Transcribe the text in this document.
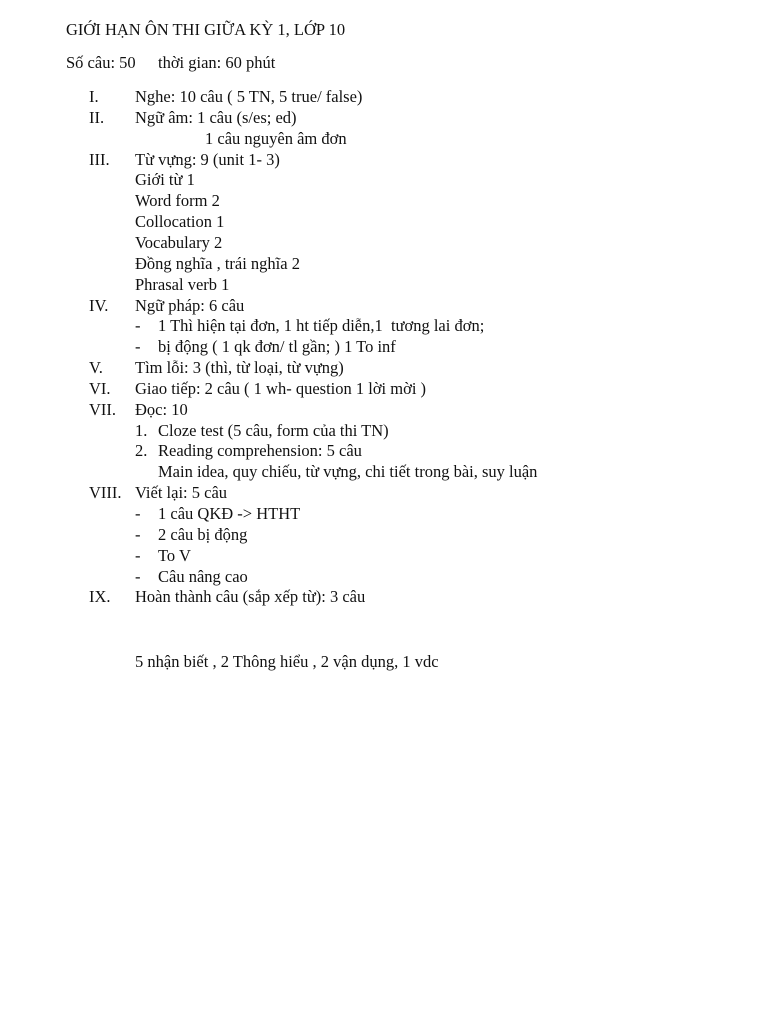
GIỚI HẠN ÔN THI GIỮA KỲ 1, LỚP 10
Số câu: 50 thời gian: 60 phút
I. Nghe: 10 câu ( 5 TN, 5 true/ false)
II. Ngữ âm: 1 câu (s/es; ed)
1 câu nguyên âm đơn
III. Từ vựng: 9 (unit 1- 3)
Giới từ 1
Word form 2
Collocation 1
Vocabulary 2
Đồng nghĩa , trái nghĩa 2
Phrasal verb 1
IV. Ngữ pháp: 6 câu
- 1 Thì hiện tại đơn, 1 ht tiếp diễn,1  tương lai đơn;
- bị động ( 1 qk đơn/ tl gần; ) 1 To inf
V. Tìm lỗi: 3 (thì, từ loại, từ vựng)
VI. Giao tiếp: 2 câu ( 1 wh- question 1 lời mời )
VII. Đọc: 10
1. Cloze test (5 câu, form của thi TN)
2. Reading comprehension: 5 câu
Main idea, quy chiếu, từ vựng, chi tiết trong bài, suy luận
VIII. Viết lại: 5 câu
- 1 câu QKĐ -> HTHT
- 2 câu bị động
- To V
- Câu nâng cao
IX. Hoàn thành câu (sắp xếp từ): 3 câu
5 nhận biết , 2 Thông hiểu , 2 vận dụng, 1 vdc
